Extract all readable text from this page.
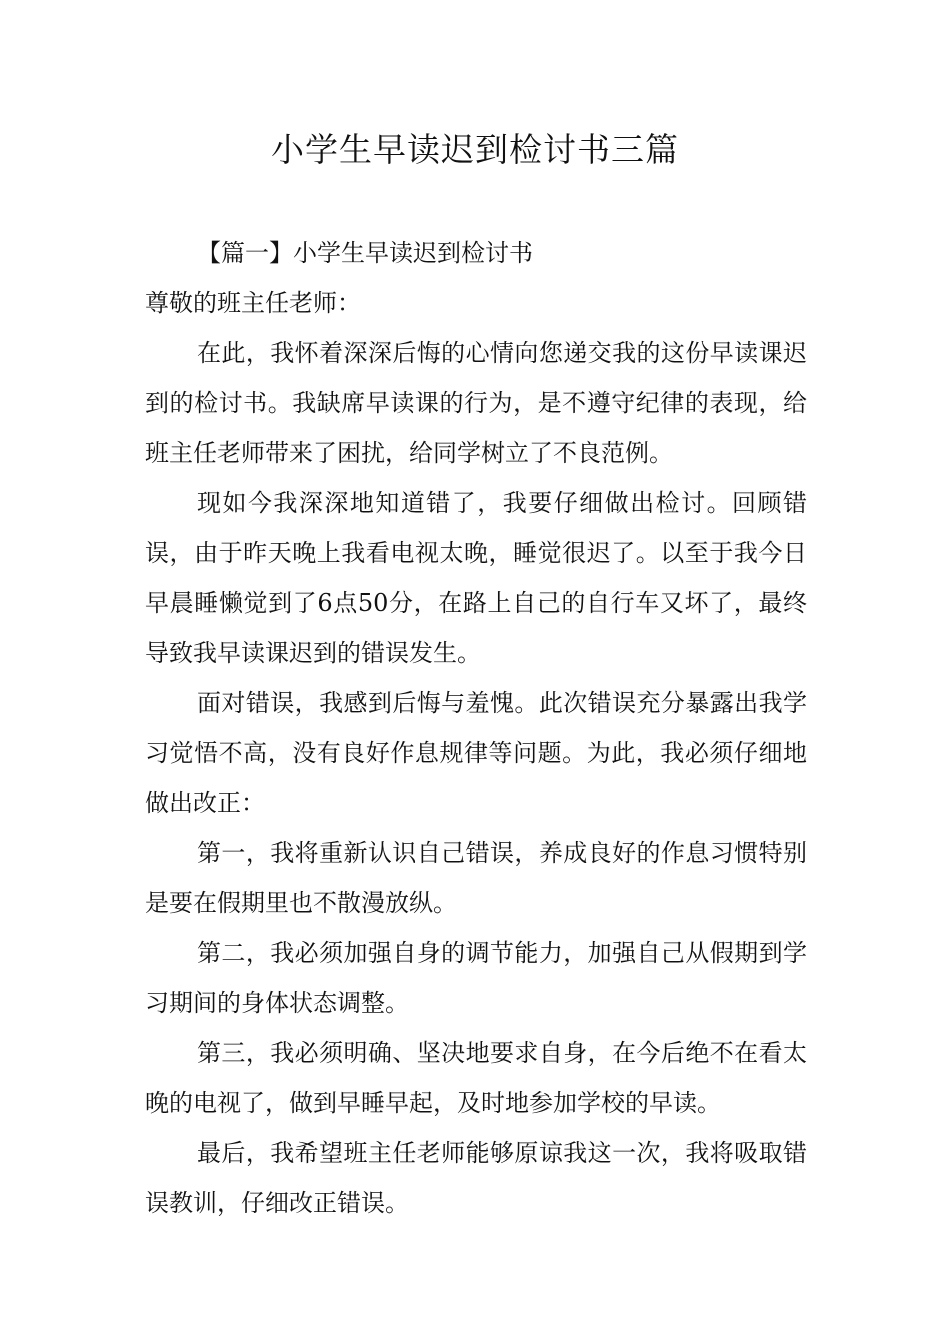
小学生早读迟到检讨书三篇

【篇一】小学生早读迟到检讨书

尊敬的班主任老师：

在此，我怀着深深后悔的心情向您递交我的这份早读课迟到的检讨书。我缺席早读课的行为，是不遵守纪律的表现，给班主任老师带来了困扰，给同学树立了不良范例。

现如今我深深地知道错了，我要仔细做出检讨。回顾错误，由于昨天晚上我看电视太晚，睡觉很迟了。以至于我今日早晨睡懒觉到了6点50分，在路上自己的自行车又坏了，最终导致我早读课迟到的错误发生。

面对错误，我感到后悔与羞愧。此次错误充分暴露出我学习觉悟不高，没有良好作息规律等问题。为此，我必须仔细地做出改正：

第一，我将重新认识自己错误，养成良好的作息习惯特别是要在假期里也不散漫放纵。

第二，我必须加强自身的调节能力，加强自己从假期到学习期间的身体状态调整。

第三，我必须明确、坚决地要求自身，在今后绝不在看太晚的电视了，做到早睡早起，及时地参加学校的早读。

最后，我希望班主任老师能够原谅我这一次，我将吸取错误教训，仔细改正错误。
